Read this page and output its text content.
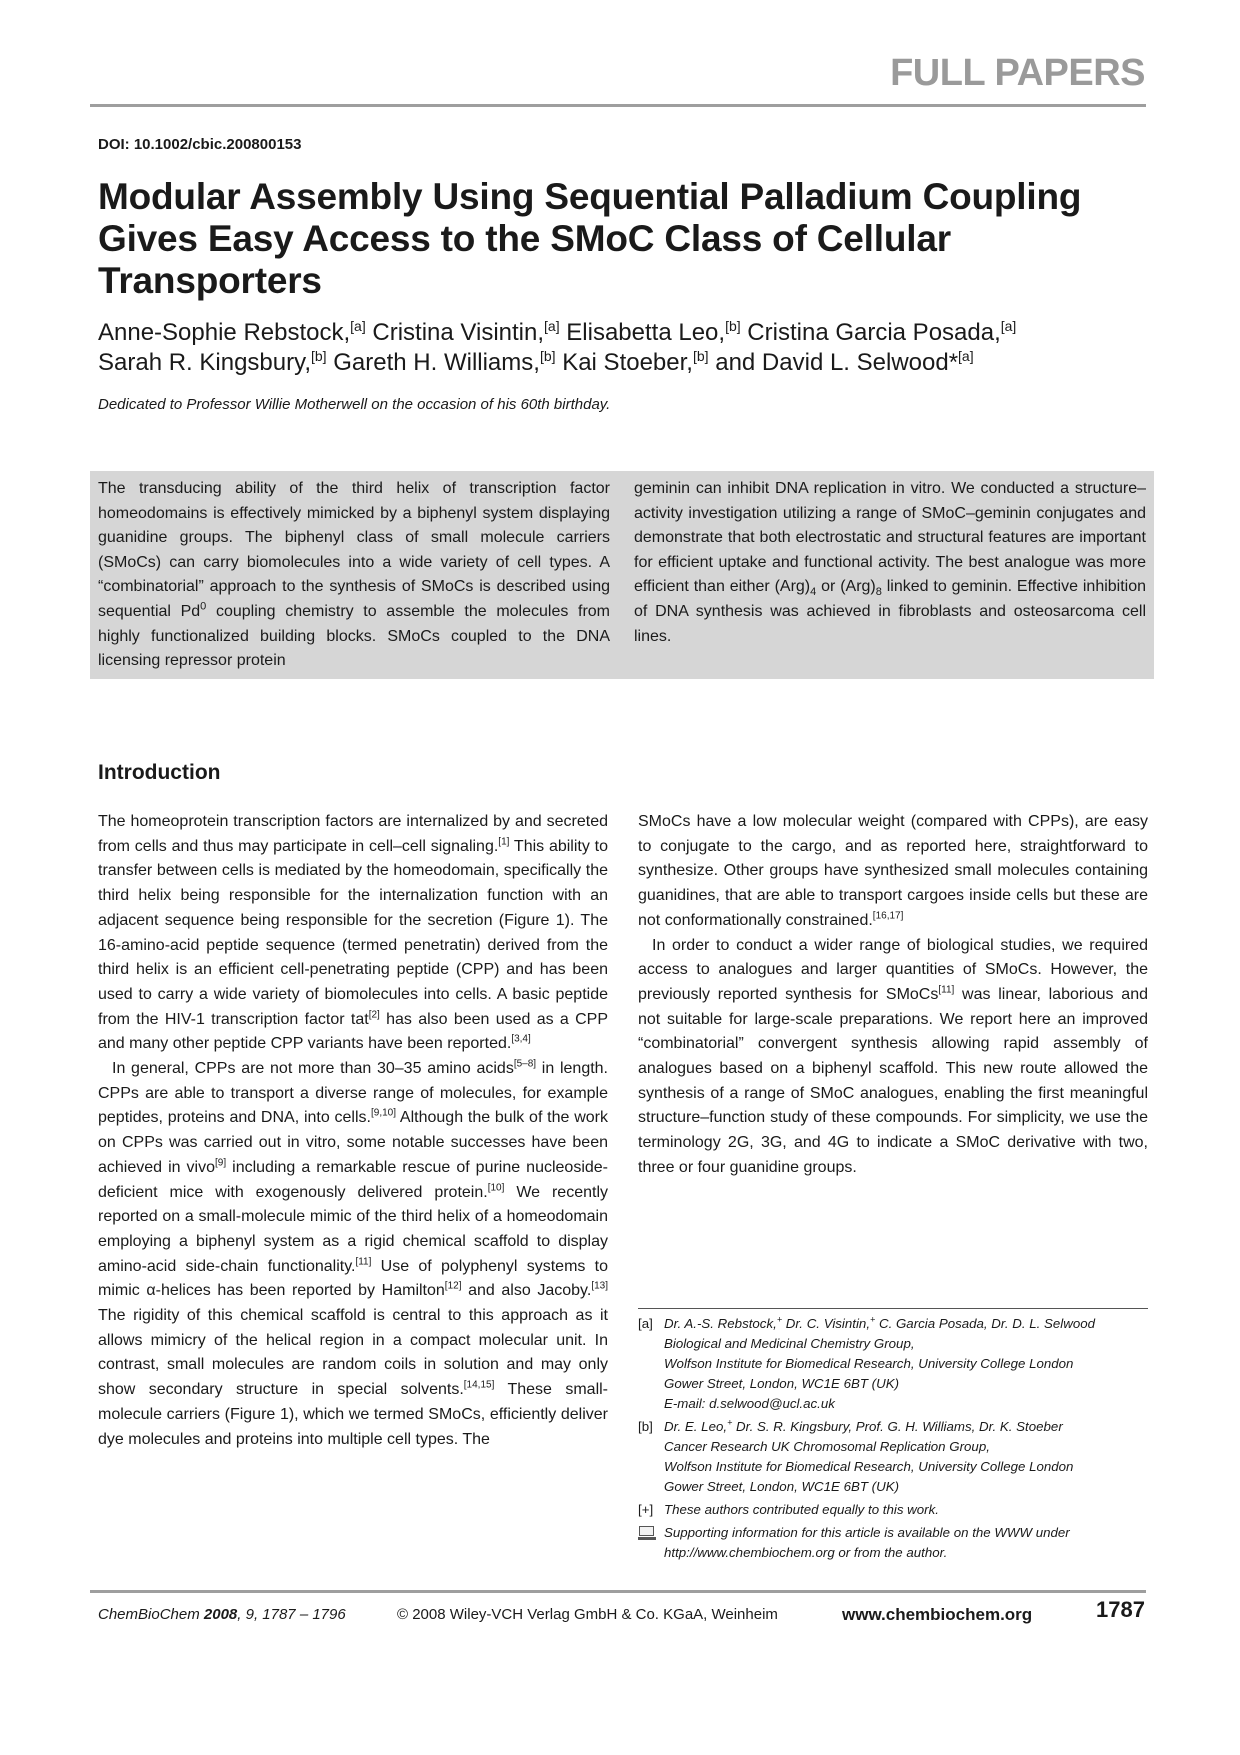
FULL PAPERS
DOI: 10.1002/cbic.200800153
Modular Assembly Using Sequential Palladium Coupling Gives Easy Access to the SMoC Class of Cellular Transporters
Anne-Sophie Rebstock,[a] Cristina Visintin,[a] Elisabetta Leo,[b] Cristina Garcia Posada,[a]
Sarah R. Kingsbury,[b] Gareth H. Williams,[b] Kai Stoeber,[b] and David L. Selwood*[a]
Dedicated to Professor Willie Motherwell on the occasion of his 60th birthday.
The transducing ability of the third helix of transcription factor homeodomains is effectively mimicked by a biphenyl system displaying guanidine groups. The biphenyl class of small molecule carriers (SMoCs) can carry biomolecules into a wide variety of cell types. A “combinatorial” approach to the synthesis of SMoCs is described using sequential Pd$^0$ coupling chemistry to assemble the molecules from highly functionalized building blocks. SMoCs coupled to the DNA licensing repressor protein
geminin can inhibit DNA replication in vitro. We conducted a structure–activity investigation utilizing a range of SMoC–geminin conjugates and demonstrate that both electrostatic and structural features are important for efficient uptake and functional activity. The best analogue was more efficient than either $(Arg)_4$ or $(Arg)_8$ linked to geminin. Effective inhibition of DNA synthesis was achieved in fibroblasts and osteosarcoma cell lines.
Introduction

The homeoprotein transcription factors are internalized by and secreted from cells and thus may participate in cell–cell signaling.[1] This ability to transfer between cells is mediated by the homeodomain, specifically the third helix being responsible for the internalization function with an adjacent sequence being responsible for the secretion (Figure 1). The 16-amino-acid peptide sequence (termed penetratin) derived from the third helix is an efficient cell-penetrating peptide (CPP) and has been used to carry a wide variety of biomolecules into cells. A basic peptide from the HIV-1 transcription factor tat[2] has also been used as a CPP and many other peptide CPP variants have been reported.[3,4]

In general, CPPs are not more than 30–35 amino acids[5–8] in length. CPPs are able to transport a diverse range of molecules, for example peptides, proteins and DNA, into cells.[9,10] Although the bulk of the work on CPPs was carried out in vitro, some notable successes have been achieved in vivo[9] including a remarkable rescue of purine nucleoside-deficient mice with exogenously delivered protein.[10] We recently reported on a small-molecule mimic of the third helix of a homeodomain employing a biphenyl system as a rigid chemical scaffold to display amino-acid side-chain functionality.[11] Use of polyphenyl systems to mimic α-helices has been reported by Hamilton[12] and also Jacoby.[13] The rigidity of this chemical scaffold is central to this approach as it allows mimicry of the helical region in a compact molecular unit. In contrast, small molecules are random coils in solution and may only show secondary structure in special solvents.[14,15] These small-molecule carriers (Figure 1), which we termed SMoCs, efficiently deliver dye molecules and proteins into multiple cell types. The

SMoCs have a low molecular weight (compared with CPPs), are easy to conjugate to the cargo, and as reported here, straightforward to synthesize. Other groups have synthesized small molecules containing guanidines, that are able to transport cargoes inside cells but these are not conformationally constrained.[16,17]

In order to conduct a wider range of biological studies, we required access to analogues and larger quantities of SMoCs. However, the previously reported synthesis for SMoCs[11] was linear, laborious and not suitable for large-scale preparations. We report here an improved “combinatorial” convergent synthesis allowing rapid assembly of analogues based on a biphenyl scaffold. This new route allowed the synthesis of a range of SMoC analogues, enabling the first meaningful structure–function study of these compounds. For simplicity, we use the terminology 2G, 3G, and 4G to indicate a SMoC derivative with two, three or four guanidine groups.

[a] Dr. A.-S. Rebstock,+ Dr. C. Visintin,+ C. Garcia Posada, Dr. D. L. Selwood
Biological and Medicinal Chemistry Group,
Wolfson Institute for Biomedical Research, University College London
Gower Street, London, WC1E 6BT (UK)
E-mail: d.selwood@ucl.ac.uk
[b] Dr. E. Leo,+ Dr. S. R. Kingsbury, Prof. G. H. Williams, Dr. K. Stoeber
Cancer Research UK Chromosomal Replication Group,
Wolfson Institute for Biomedical Research, University College London
Gower Street, London, WC1E 6BT (UK)
[+] These authors contributed equally to this work.
Supporting information for this article is available on the WWW under
http://www.chembiochem.org or from the author.
ChemBioChem 2008, 9, 1787 – 1796	© 2008 Wiley-VCH Verlag GmbH & Co. KGaA, Weinheim	www.chembiochem.org	1787
